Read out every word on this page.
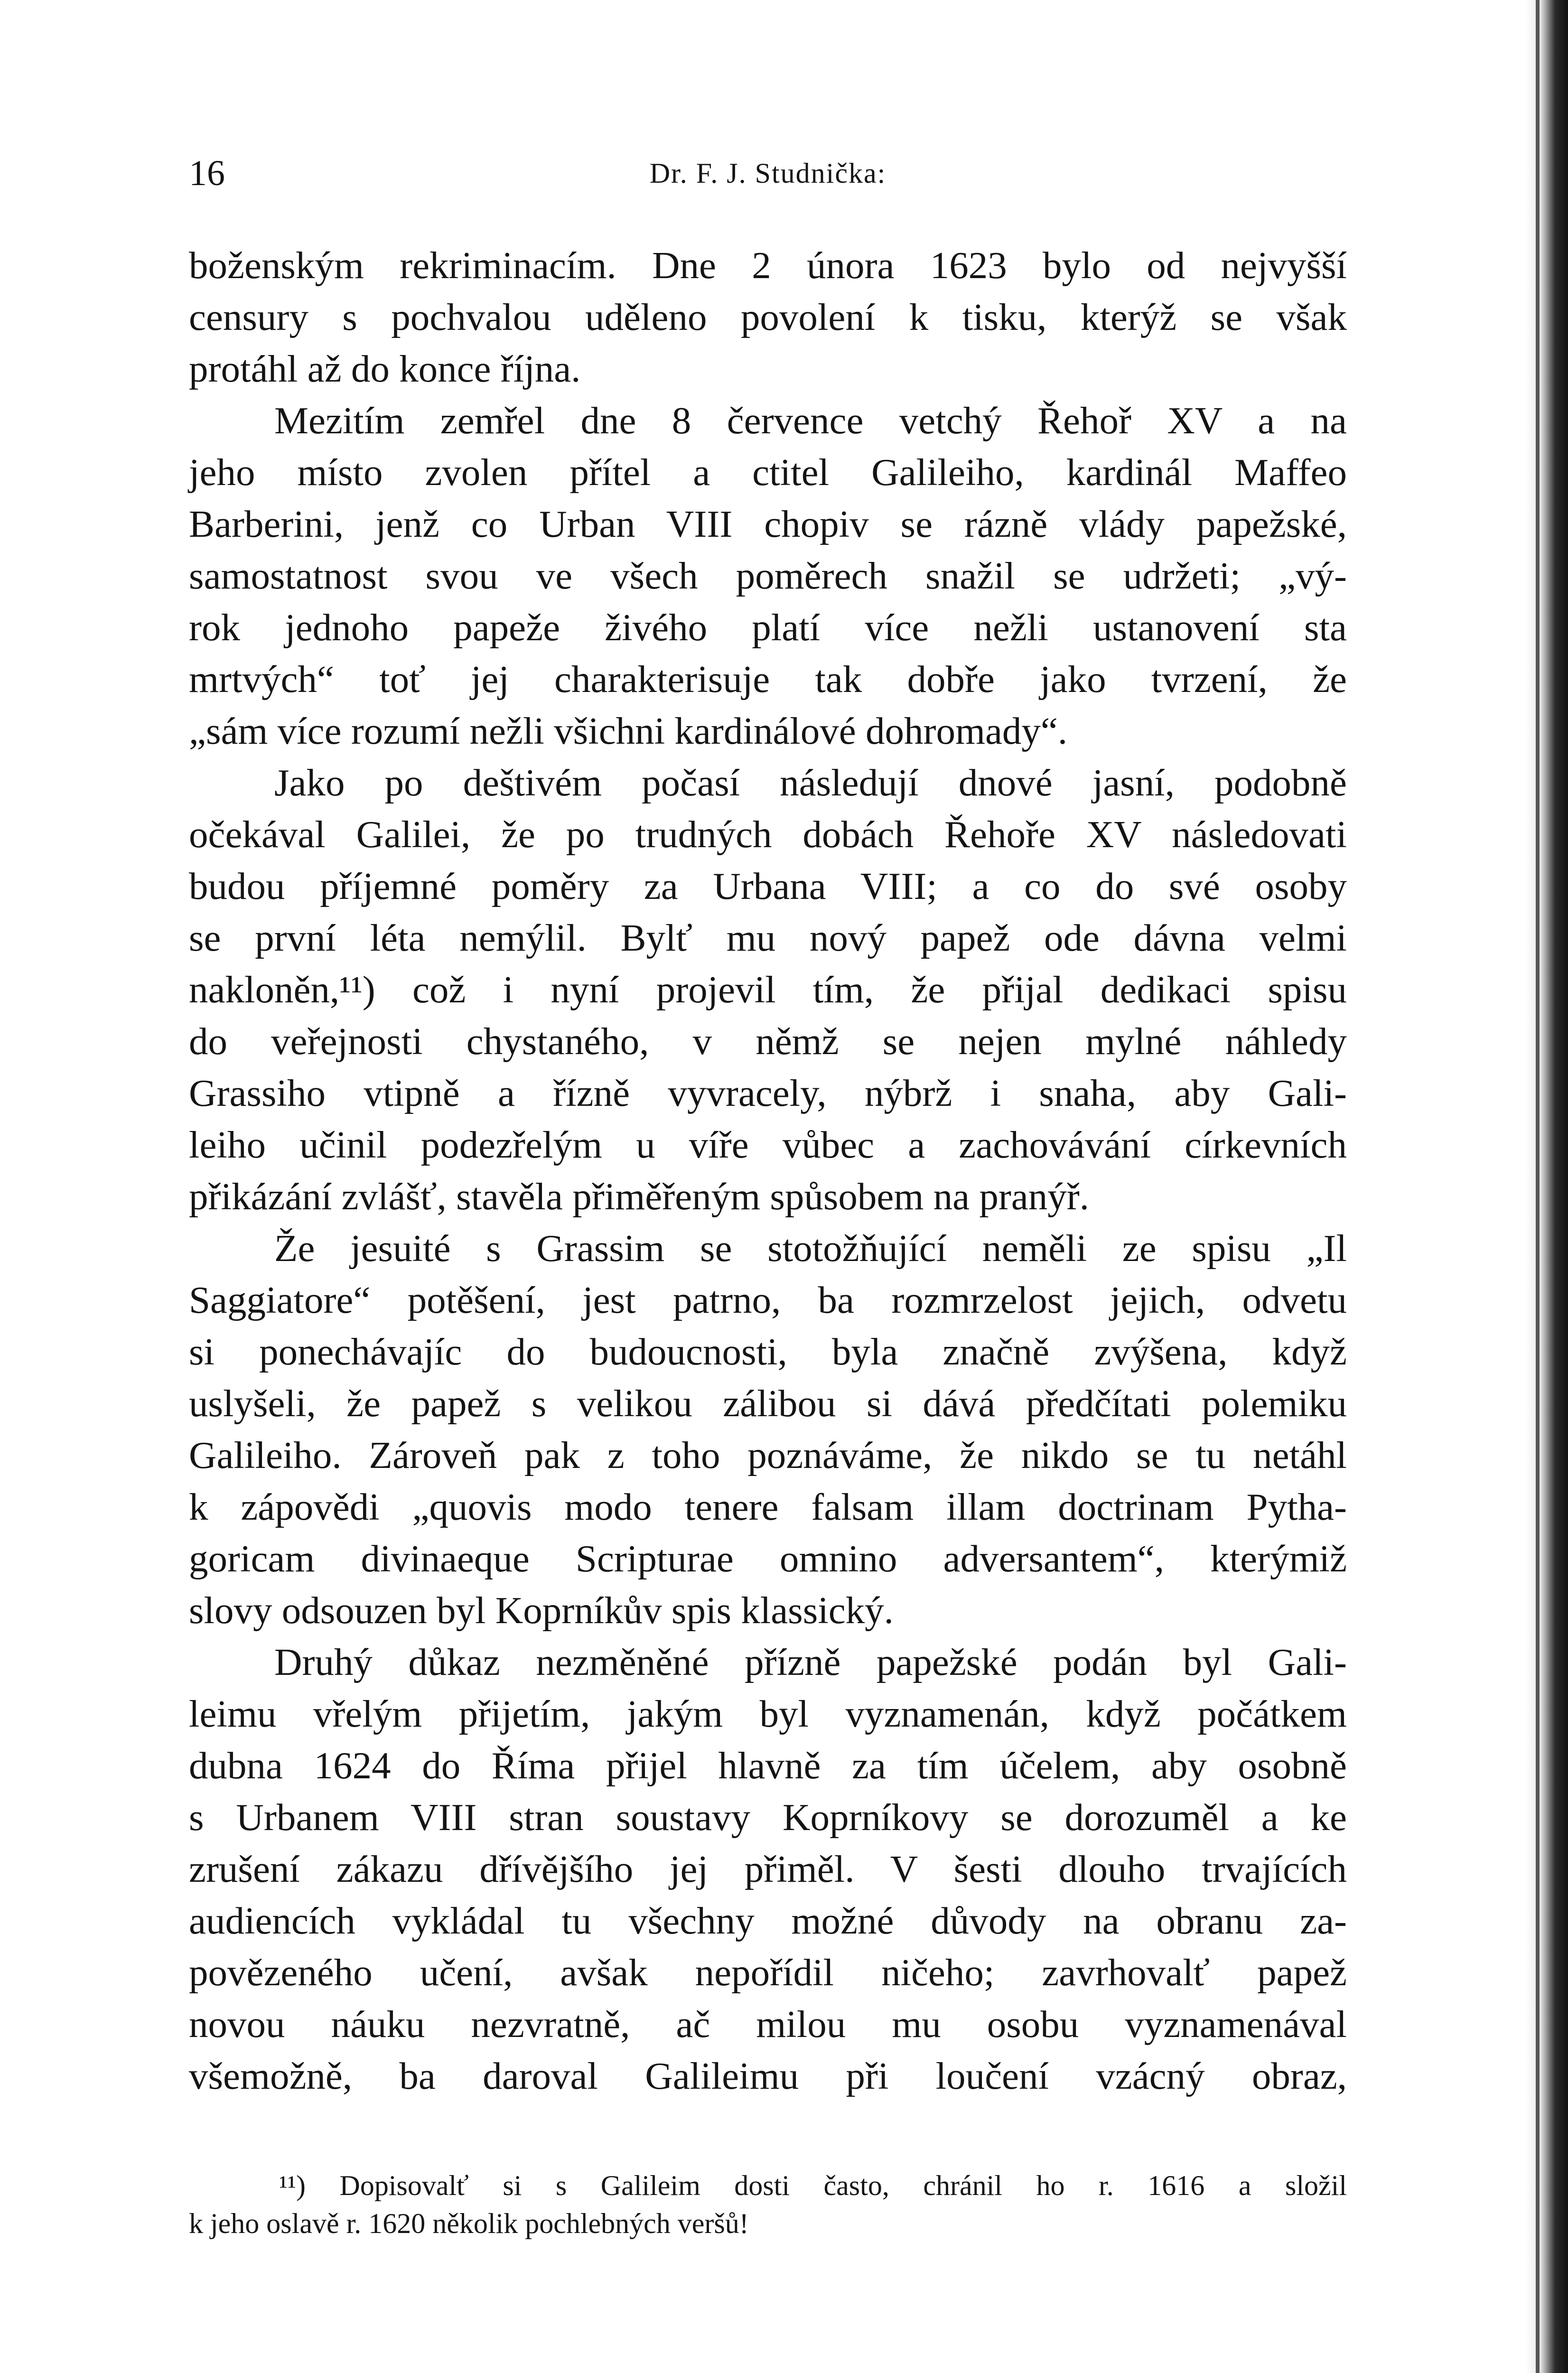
16	Dr. F. J. Studnička:
boženským rekriminacím. Dne 2 února 1623 bylo od nejvyšší
censury s pochvalou uděleno povolení k tisku, kterýž se však
protáhl až do konce října.
Mezitím zemřel dne 8 července vetchý Řehoř XV a na
jeho místo zvolen přítel a ctitel Galileiho, kardinál Maffeo
Barberini, jenž co Urban VIII chopiv se rázně vlády papežské,
samostatnost svou ve všech poměrech snažil se udržeti; „vý-
rok jednoho papeže živého platí více nežli ustanovení sta
mrtvých“ toť jej charakterisuje tak dobře jako tvrzení, že
„sám více rozumí nežli všichni kardinálové dohromady“.
Jako po deštivém počasí následují dnové jasní, podobně
očekával Galilei, že po trudných dobách Řehoře XV následovati
budou příjemné poměry za Urbana VIII; a co do své osoby
se první léta nemýlil. Bylť mu nový papež ode dávna velmi
nakloněn,¹¹) což i nyní projevil tím, že přijal dedikaci spisu
do veřejnosti chystaného, v němž se nejen mylné náhledy
Grassiho vtipně a řízně vyvracely, nýbrž i snaha, aby Gali-
leiho učinil podezřelým u víře vůbec a zachovávání církevních
přikázání zvlášť, stavěla přiměřeným spůsobem na pranýř.
Že jesuité s Grassim se stotožňující neměli ze spisu „Il
Saggiatore“ potěšení, jest patrno, ba rozmrzelost jejich, odvetu
si ponechávajíc do budoucnosti, byla značně zvýšena, když
uslyšeli, že papež s velikou zálibou si dává předčítati polemiku
Galileiho. Zároveň pak z toho poznáváme, že nikdo se tu netáhl
k zápovědi „quovis modo tenere falsam illam doctrinam Pytha-
goricam divinaeque Scripturae omnino adversantem“, kterýmiž
slovy odsouzen byl Koprníkův spis klassický.
Druhý důkaz nezměněné přízně papežské podán byl Gali-
leimu vřelým přijetím, jakým byl vyznamenán, když počátkem
dubna 1624 do Říma přijel hlavně za tím účelem, aby osobně
s Urbanem VIII stran soustavy Koprníkovy se dorozuměl a ke
zrušení zákazu dřívějšího jej přiměl. V šesti dlouho trvajících
audiencích vykládal tu všechny možné důvody na obranu za-
povězeného učení, avšak nepořídil ničeho; zavrhovalť papež
novou náuku nezvratně, ač milou mu osobu vyznamenával
všemožně, ba daroval Galileimu při loučení vzácný obraz,
¹¹) Dopisovalť si s Galileim dosti často, chránil ho r. 1616 a složil
k jeho oslavě r. 1620 několik pochlebných veršů!
